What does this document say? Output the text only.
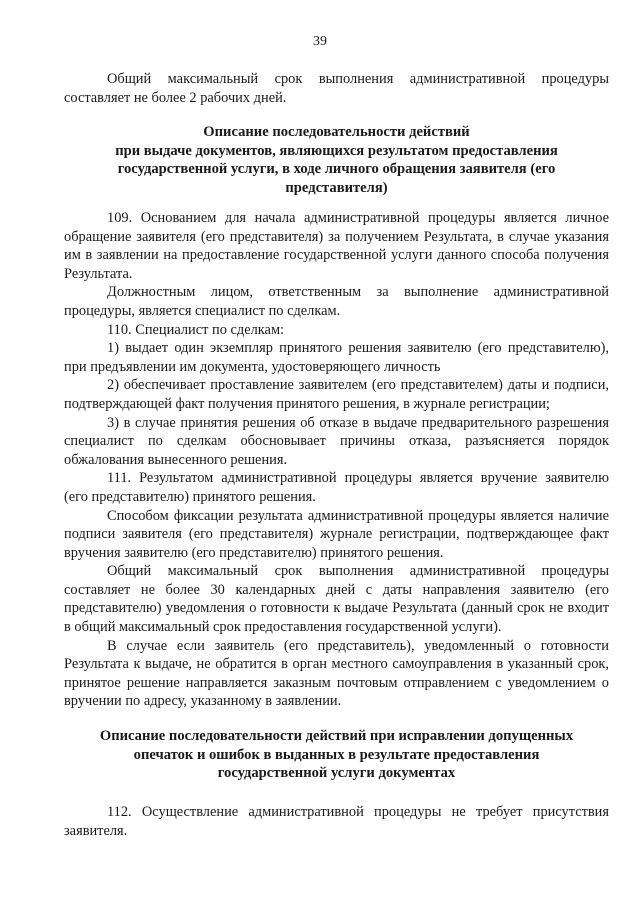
39

Общий максимальный срок выполнения административной процедуры составляет не более 2 рабочих дней.

Описание последовательности действий
при выдаче документов, являющихся результатом предоставления
государственной услуги, в ходе личного обращения заявителя (его
представителя)

109. Основанием для начала административной процедуры является личное обращение заявителя (его представителя) за получением Результата, в случае указания им в заявлении на предоставление государственной услуги данного способа получения Результата.

Должностным лицом, ответственным за выполнение административной процедуры, является специалист по сделкам.

110. Специалист по сделкам:

1) выдает один экземпляр принятого решения заявителю (его представителю), при предъявлении им документа, удостоверяющего личность

2) обеспечивает проставление заявителем (его представителем) даты и подписи, подтверждающей факт получения принятого решения, в журнале регистрации;

3) в случае принятия решения об отказе в выдаче предварительного разрешения специалист по сделкам обосновывает причины отказа, разъясняется порядок обжалования вынесенного решения.

111. Результатом административной процедуры является вручение заявителю (его представителю) принятого решения.

Способом фиксации результата административной процедуры является наличие подписи заявителя (его представителя) журнале регистрации, подтверждающее факт вручения заявителю (его представителю) принятого решения.

Общий максимальный срок выполнения административной процедуры составляет не более 30 календарных дней с даты направления заявителю (его представителю) уведомления о готовности к выдаче Результата (данный срок не входит в общий максимальный срок предоставления государственной услуги).

В случае если заявитель (его представитель), уведомленный о готовности Результата к выдаче, не обратится в орган местного самоуправления в указанный срок, принятое решение направляется заказным почтовым отправлением с уведомлением о вручении по адресу, указанному в заявлении.

Описание последовательности действий при исправлении допущенных
опечаток и ошибок в выданных в результате предоставления
государственной услуги документах

112. Осуществление административной процедуры не требует присутствия заявителя.
